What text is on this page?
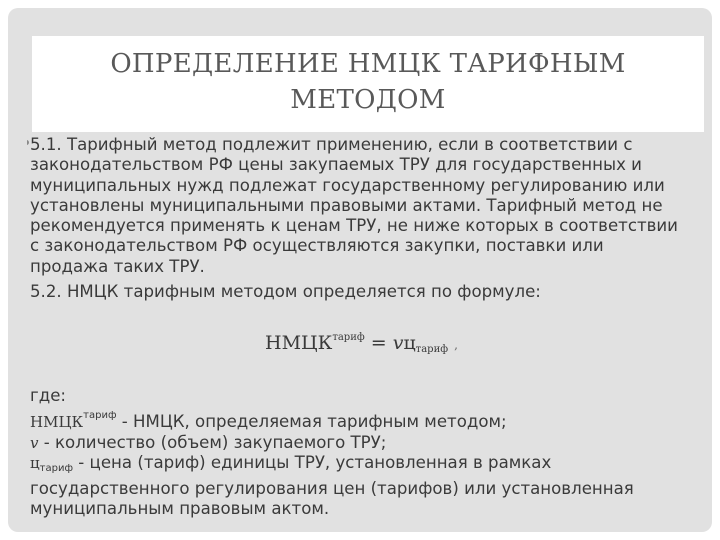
ОПРЕДЕЛЕНИЕ НМЦК ТАРИФНЫМ
МЕТОДОМ
5.1. Тарифный метод подлежит применению, если в соответствии с
законодательством РФ цены закупаемых ТРУ для государственных и
муниципальных нужд подлежат государственному регулированию или
установлены муниципальными правовыми актами. Тарифный метод не
рекомендуется применять к ценам ТРУ, не ниже которых в соответствии
с законодательством РФ осуществляются закупки, поставки или
продажа таких ТРУ.
5.2. НМЦК тарифным методом определяется по формуле:
$НМЦК^{тариф} = vц_{тариф}$ ,
где:
$НМЦК^{тариф}$ - НМЦК, определяемая тарифным методом;
v - количество (объем) закупаемого ТРУ;
$ц_{тариф}$ - цена (тариф) единицы ТРУ, установленная в рамках
государственного регулирования цен (тарифов) или установленная
муниципальным правовым актом.
